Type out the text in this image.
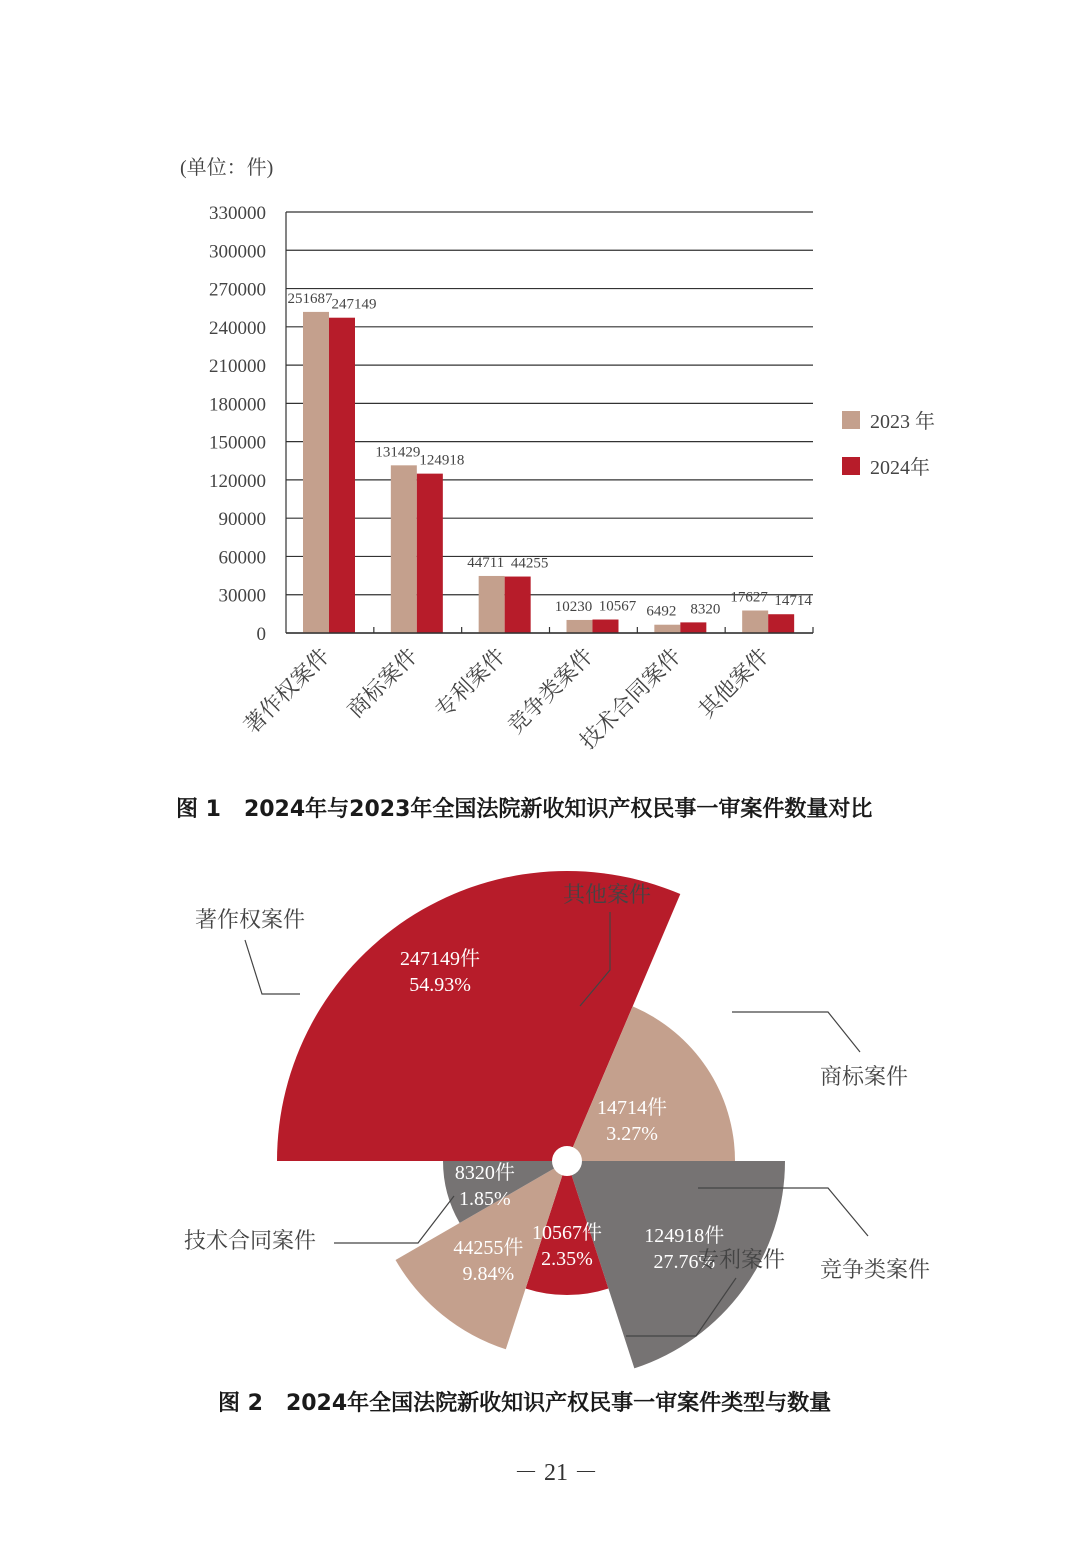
(单位：件)
0
30000
60000
90000
120000
150000
180000
210000
240000
270000
300000
330000
251687 247149
131429
124918
44711 44255
10230 10567 6492 8320
17627 14714
著作权案件 商标案件 专利案件
竞争类案件
技术合同案件 其他案件
2023 年
2024年
图 1   2024年与2023年全国法院新收知识产权民事一审案件数量对比
247149件
54.93%
14714件
3.27%
124918件
27.76%
10567件
2.35%
44255件
9.84%
8320件
1.85%
著作权案件
其他案件
商标案件
竞争类案件
专利案件
技术合同案件
图 2   2024年全国法院新收知识产权民事一审案件类型与数量
－ 21 －
